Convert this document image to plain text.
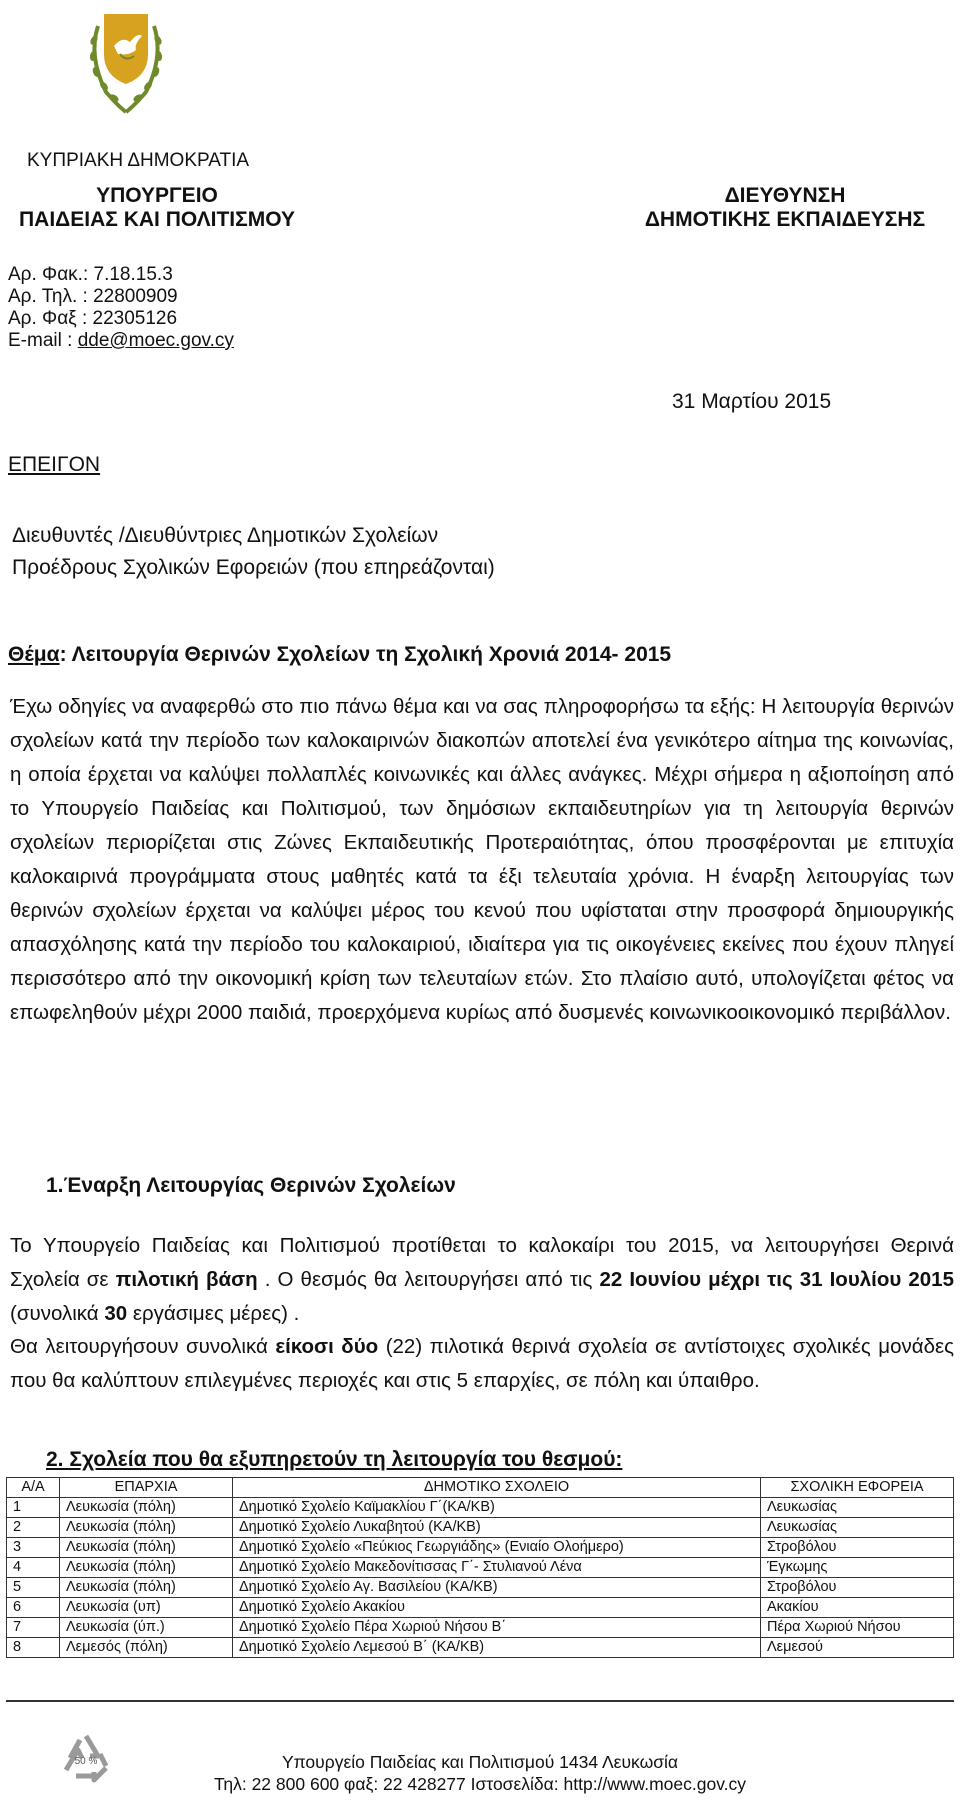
ΚΥΠΡΙΑΚΗ ΔΗΜΟΚΡΑΤΙΑ
ΥΠΟΥΡΓΕΙΟ
ΠΑΙΔΕΙΑΣ ΚΑΙ ΠΟΛΙΤΙΣΜΟΥ
ΔΙΕΥΘΥΝΣΗ
ΔΗΜΟΤΙΚΗΣ ΕΚΠΑΙΔΕΥΣΗΣ
Αρ. Φακ.: 7.18.15.3
Αρ. Τηλ. : 22800909
Αρ. Φαξ : 22305126
E-mail : dde@moec.gov.cy
31 Μαρτίου 2015
ΕΠΕΙΓΟΝ
Διευθυντές /Διευθύντριες Δημοτικών Σχολείων
Προέδρους Σχολικών Εφορειών (που επηρεάζονται)
Θέμα: Λειτουργία Θερινών Σχολείων τη Σχολική Χρονιά 2014- 2015

Έχω οδηγίες να αναφερθώ στο πιο πάνω θέμα και να σας πληροφορήσω τα εξής: Η λειτουργία θερινών σχολείων κατά την περίοδο των καλοκαιρινών διακοπών αποτελεί ένα γενικότερο αίτημα της κοινωνίας, η οποία έρχεται να καλύψει πολλαπλές κοινωνικές και άλλες ανάγκες. Μέχρι σήμερα η αξιοποίηση από το Υπουργείο Παιδείας και Πολιτισμού, των δημόσιων εκπαιδευτηρίων για τη λειτουργία θερινών σχολείων περιορίζεται στις Ζώνες Εκπαιδευτικής Προτεραιότητας, όπου προσφέρονται με επιτυχία καλοκαιρινά προγράμματα στους μαθητές κατά τα έξι τελευταία χρόνια. Η έναρξη λειτουργίας των θερινών σχολείων έρχεται να καλύψει μέρος του κενού που υφίσταται στην προσφορά δημιουργικής απασχόλησης κατά την περίοδο του καλοκαιριού, ιδιαίτερα για τις οικογένειες εκείνες που έχουν πληγεί περισσότερο από την οικονομική κρίση των τελευταίων ετών. Στο πλαίσιο αυτό, υπολογίζεται φέτος να επωφεληθούν μέχρι 2000 παιδιά, προερχόμενα κυρίως από δυσμενές κοινωνικοοικονομικό περιβάλλον.

1.Έναρξη Λειτουργίας Θερινών Σχολείων

Το Υπουργείο Παιδείας και Πολιτισμού προτίθεται το καλοκαίρι του 2015, να λειτουργήσει Θερινά Σχολεία σε πιλοτική βάση . Ο θεσμός θα λειτουργήσει από τις 22 Ιουνίου μέχρι τις 31 Ιουλίου 2015 (συνολικά 30 εργάσιμες μέρες) .

Θα λειτουργήσουν συνολικά είκοσι δύο (22) πιλοτικά θερινά σχολεία σε αντίστοιχες σχολικές μονάδες που θα καλύπτουν επιλεγμένες περιοχές και στις 5 επαρχίες, σε πόλη και ύπαιθρο.

2. Σχολεία που θα εξυπηρετούν τη λειτουργία του θεσμού:
Α/Α	ΕΠΑΡΧΙΑ	ΔΗΜΟΤΙΚΟ ΣΧΟΛΕΙΟ	ΣΧΟΛΙΚΗ ΕΦΟΡΕΙΑ
1	Λευκωσία (πόλη)	Δημοτικό Σχολείο Καϊμακλίου Γ΄(ΚΑ/ΚΒ)	Λευκωσίας
2	Λευκωσία (πόλη)	Δημοτικό Σχολείο Λυκαβητού (ΚΑ/ΚΒ)	Λευκωσίας
3	Λευκωσία (πόλη)	Δημοτικό Σχολείο «Πεύκιος Γεωργιάδης» (Ενιαίο Ολοήμερο)	Στροβόλου
4	Λευκωσία (πόλη)	Δημοτικό Σχολείο Μακεδονίτισσας Γ΄- Στυλιανού Λένα	Έγκωμης
5	Λευκωσία (πόλη)	Δημοτικό Σχολείο Αγ. Βασιλείου (ΚΑ/ΚΒ)	Στροβόλου
6	Λευκωσία (υπ)	Δημοτικό Σχολείο Ακακίου	Ακακίου
7	Λευκωσία (ύπ.)	Δημοτικό Σχολείο Πέρα Χωριού Νήσου Β΄	Πέρα Χωριού Νήσου
8	Λεμεσός (πόλη)	Δημοτικό Σχολείο Λεμεσού Β΄ (ΚΑ/ΚΒ)	Λεμεσού
50 %	Υπουργείο Παιδείας και Πολιτισμού 1434 Λευκωσία
Τηλ: 22 800 600 φαξ: 22 428277 Ιστοσελίδα: http://www.moec.gov.cy
